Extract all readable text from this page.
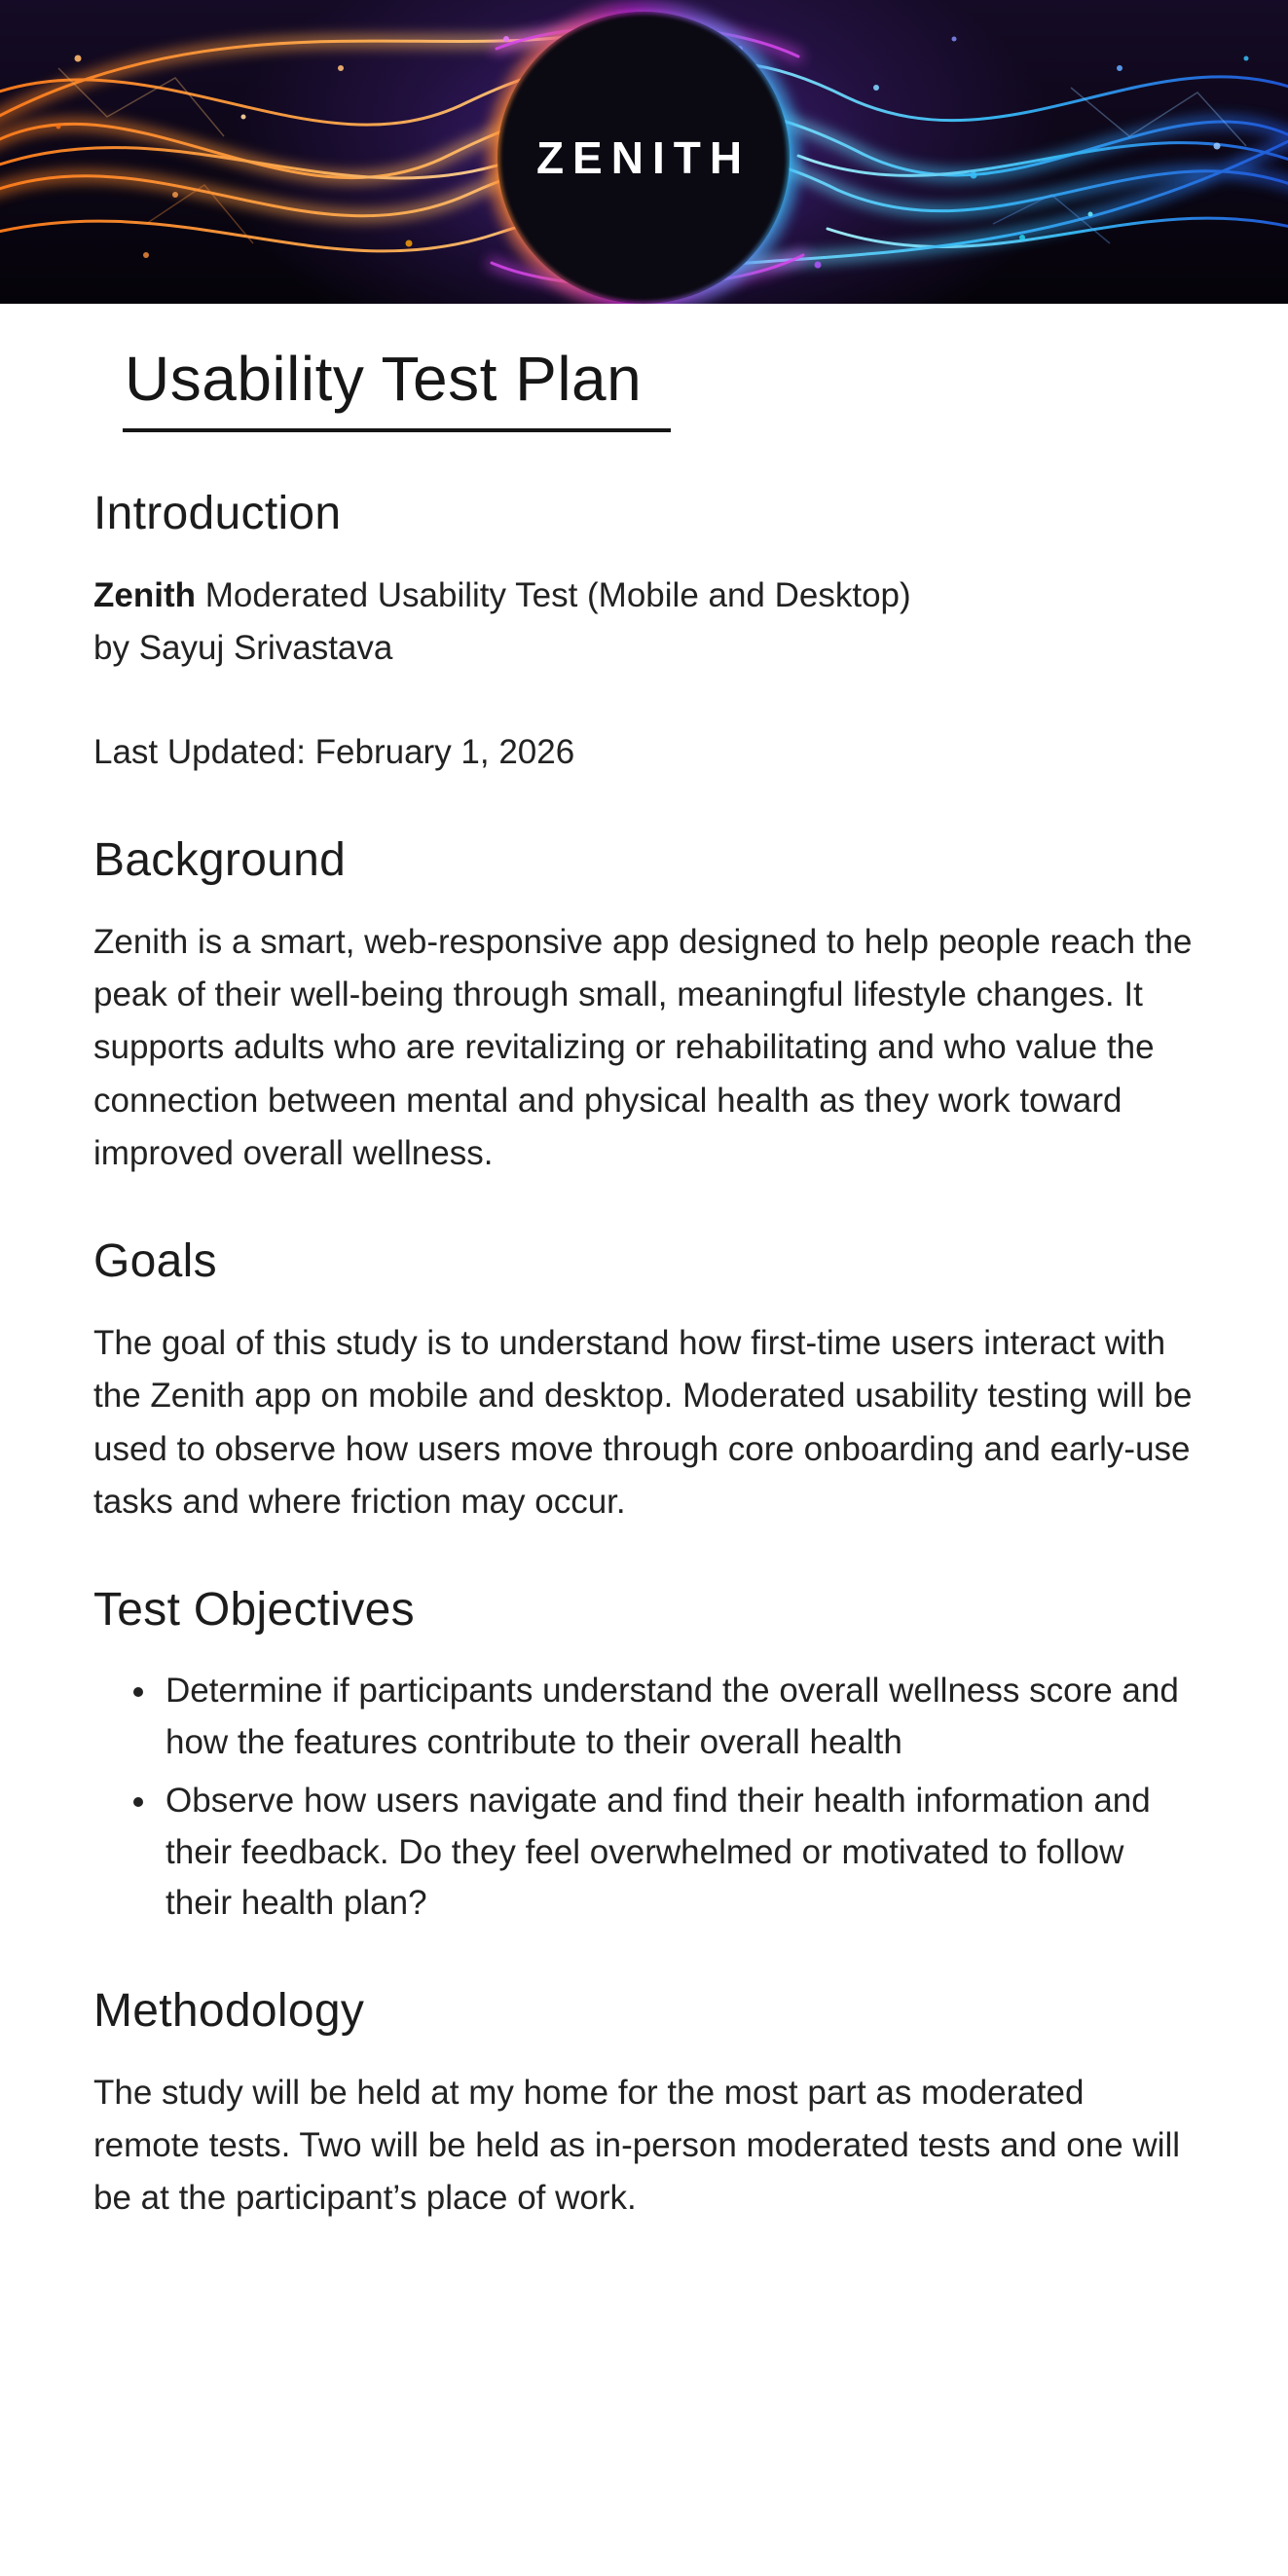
ZENITH
Usability Test Plan
Introduction

Zenith Moderated Usability Test (Mobile and Desktop)
by Sayuj Srivastava

Last Updated: February 1, 2026

Background

Zenith is a smart, web-responsive app designed to help people reach the peak of their well-being through small, meaningful lifestyle changes. It supports adults who are revitalizing or rehabilitating and who value the connection between mental and physical health as they work toward improved overall wellness.

Goals

The goal of this study is to understand how first-time users interact with the Zenith app on mobile and desktop. Moderated usability testing will be used to observe how users move through core onboarding and early-use tasks and where friction may occur.

Test Objectives
• Determine if participants understand the overall wellness score and how the features contribute to their overall health
• Observe how users navigate and find their health information and their feedback. Do they feel overwhelmed or motivated to follow their health plan?
Methodology

The study will be held at my home for the most part as moderated remote tests. Two will be held as in-person moderated tests and one will be at the participant’s place of work.
